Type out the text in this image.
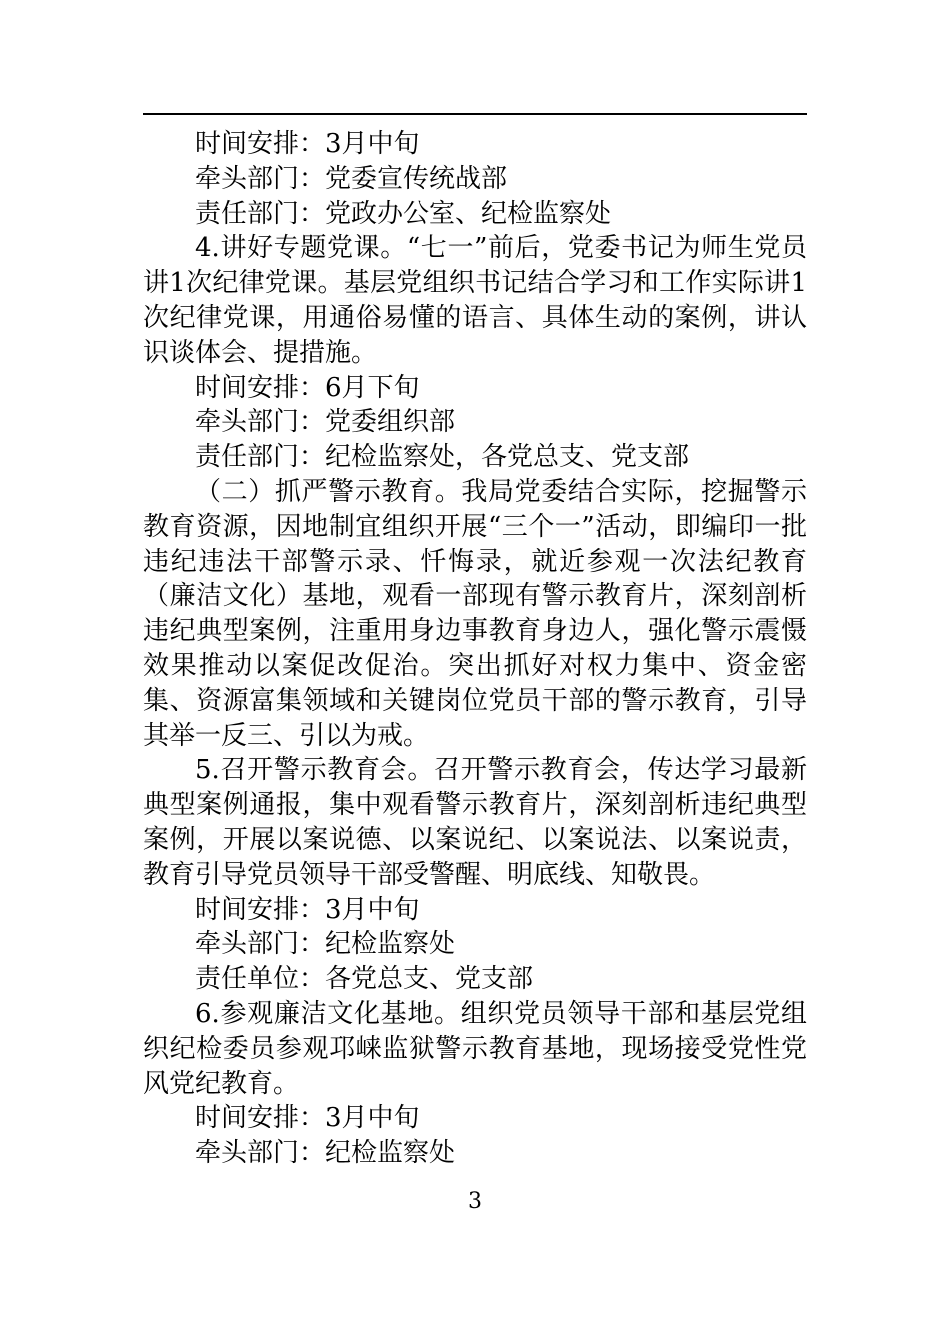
时间安排：3月中旬

牵头部门：党委宣传统战部

责任部门：党政办公室、纪检监察处

4.讲好专题党课。“七一”前后，党委书记为师生党员讲1次纪律党课。基层党组织书记结合学习和工作实际讲1次纪律党课，用通俗易懂的语言、具体生动的案例，讲认识谈体会、提措施。

时间安排：6月下旬

牵头部门：党委组织部

责任部门：纪检监察处，各党总支、党支部

（二）抓严警示教育。我局党委结合实际，挖掘警示教育资源，因地制宜组织开展“三个一”活动，即编印一批违纪违法干部警示录、忏悔录，就近参观一次法纪教育（廉洁文化）基地，观看一部现有警示教育片，深刻剖析违纪典型案例，注重用身边事教育身边人，强化警示震慑效果推动以案促改促治。突出抓好对权力集中、资金密集、资源富集领域和关键岗位党员干部的警示教育，引导其举一反三、引以为戒。

5.召开警示教育会。召开警示教育会，传达学习最新典型案例通报，集中观看警示教育片，深刻剖析违纪典型案例，开展以案说德、以案说纪、以案说法、以案说责，教育引导党员领导干部受警醒、明底线、知敬畏。

时间安排：3月中旬

牵头部门：纪检监察处

责任单位：各党总支、党支部

6.参观廉洁文化基地。组织党员领导干部和基层党组织纪检委员参观邛崃监狱警示教育基地，现场接受党性党风党纪教育。

时间安排：3月中旬

牵头部门：纪检监察处

3
